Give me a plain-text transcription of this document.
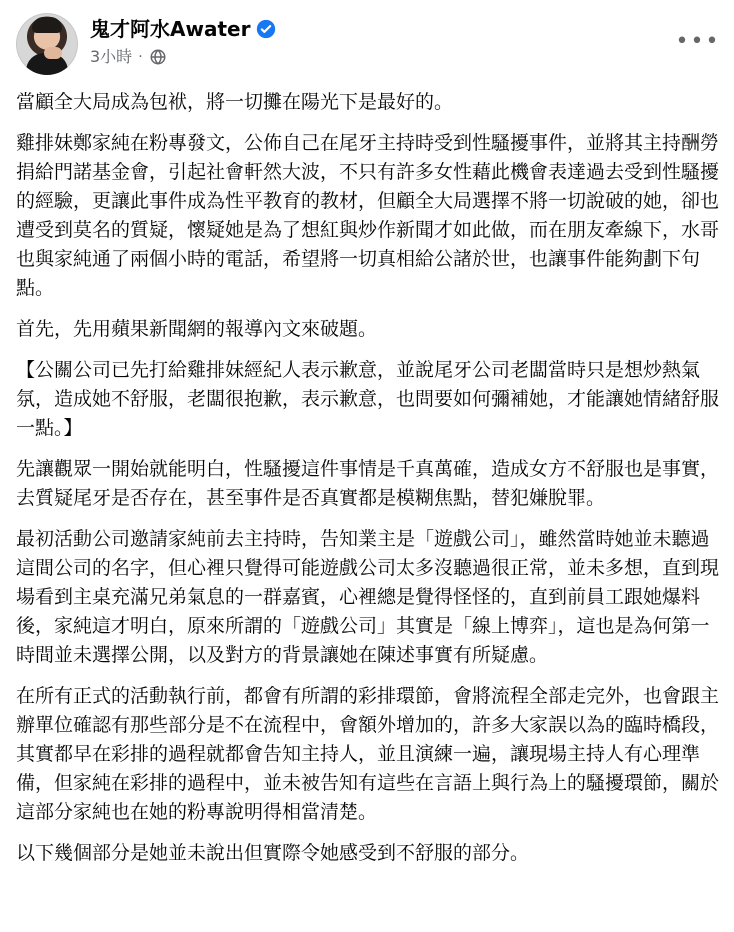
鬼才阿水Awater
3小時 ·
•••

當顧全大局成為包袱，將一切攤在陽光下是最好的。

雞排妹鄭家純在粉專發文，公佈自己在尾牙主持時受到性騷擾事件，並將其主持酬勞捐給門諾基金會，引起社會軒然大波，不只有許多女性藉此機會表達過去受到性騷擾的經驗，更讓此事件成為性平教育的教材，但顧全大局選擇不將一切說破的她，卻也遭受到莫名的質疑，懷疑她是為了想紅與炒作新聞才如此做，而在朋友牽線下，水哥也與家純通了兩個小時的電話，希望將一切真相給公諸於世，也讓事件能夠劃下句點。

首先，先用蘋果新聞網的報導內文來破題。

【公關公司已先打給雞排妹經紀人表示歉意，並說尾牙公司老闆當時只是想炒熱氣氛，造成她不舒服，老闆很抱歉，表示歉意，也問要如何彌補她，才能讓她情緒舒服一點。】

先讓觀眾一開始就能明白，性騷擾這件事情是千真萬確，造成女方不舒服也是事實，去質疑尾牙是否存在，甚至事件是否真實都是模糊焦點，替犯嫌脫罪。

最初活動公司邀請家純前去主持時，告知業主是「遊戲公司」，雖然當時她並未聽過這間公司的名字，但心裡只覺得可能遊戲公司太多沒聽過很正常，並未多想，直到現場看到主桌充滿兄弟氣息的一群嘉賓，心裡總是覺得怪怪的，直到前員工跟她爆料後，家純這才明白，原來所謂的「遊戲公司」其實是「線上博弈」，這也是為何第一時間並未選擇公開，以及對方的背景讓她在陳述事實有所疑慮。

在所有正式的活動執行前，都會有所謂的彩排環節，會將流程全部走完外，也會跟主辦單位確認有那些部分是不在流程中，會額外增加的，許多大家誤以為的臨時橋段，其實都早在彩排的過程就都會告知主持人，並且演練一遍，讓現場主持人有心理準備，但家純在彩排的過程中，並未被告知有這些在言語上與行為上的騷擾環節，關於這部分家純也在她的粉專說明得相當清楚。

以下幾個部分是她並未說出但實際令她感受到不舒服的部分。
